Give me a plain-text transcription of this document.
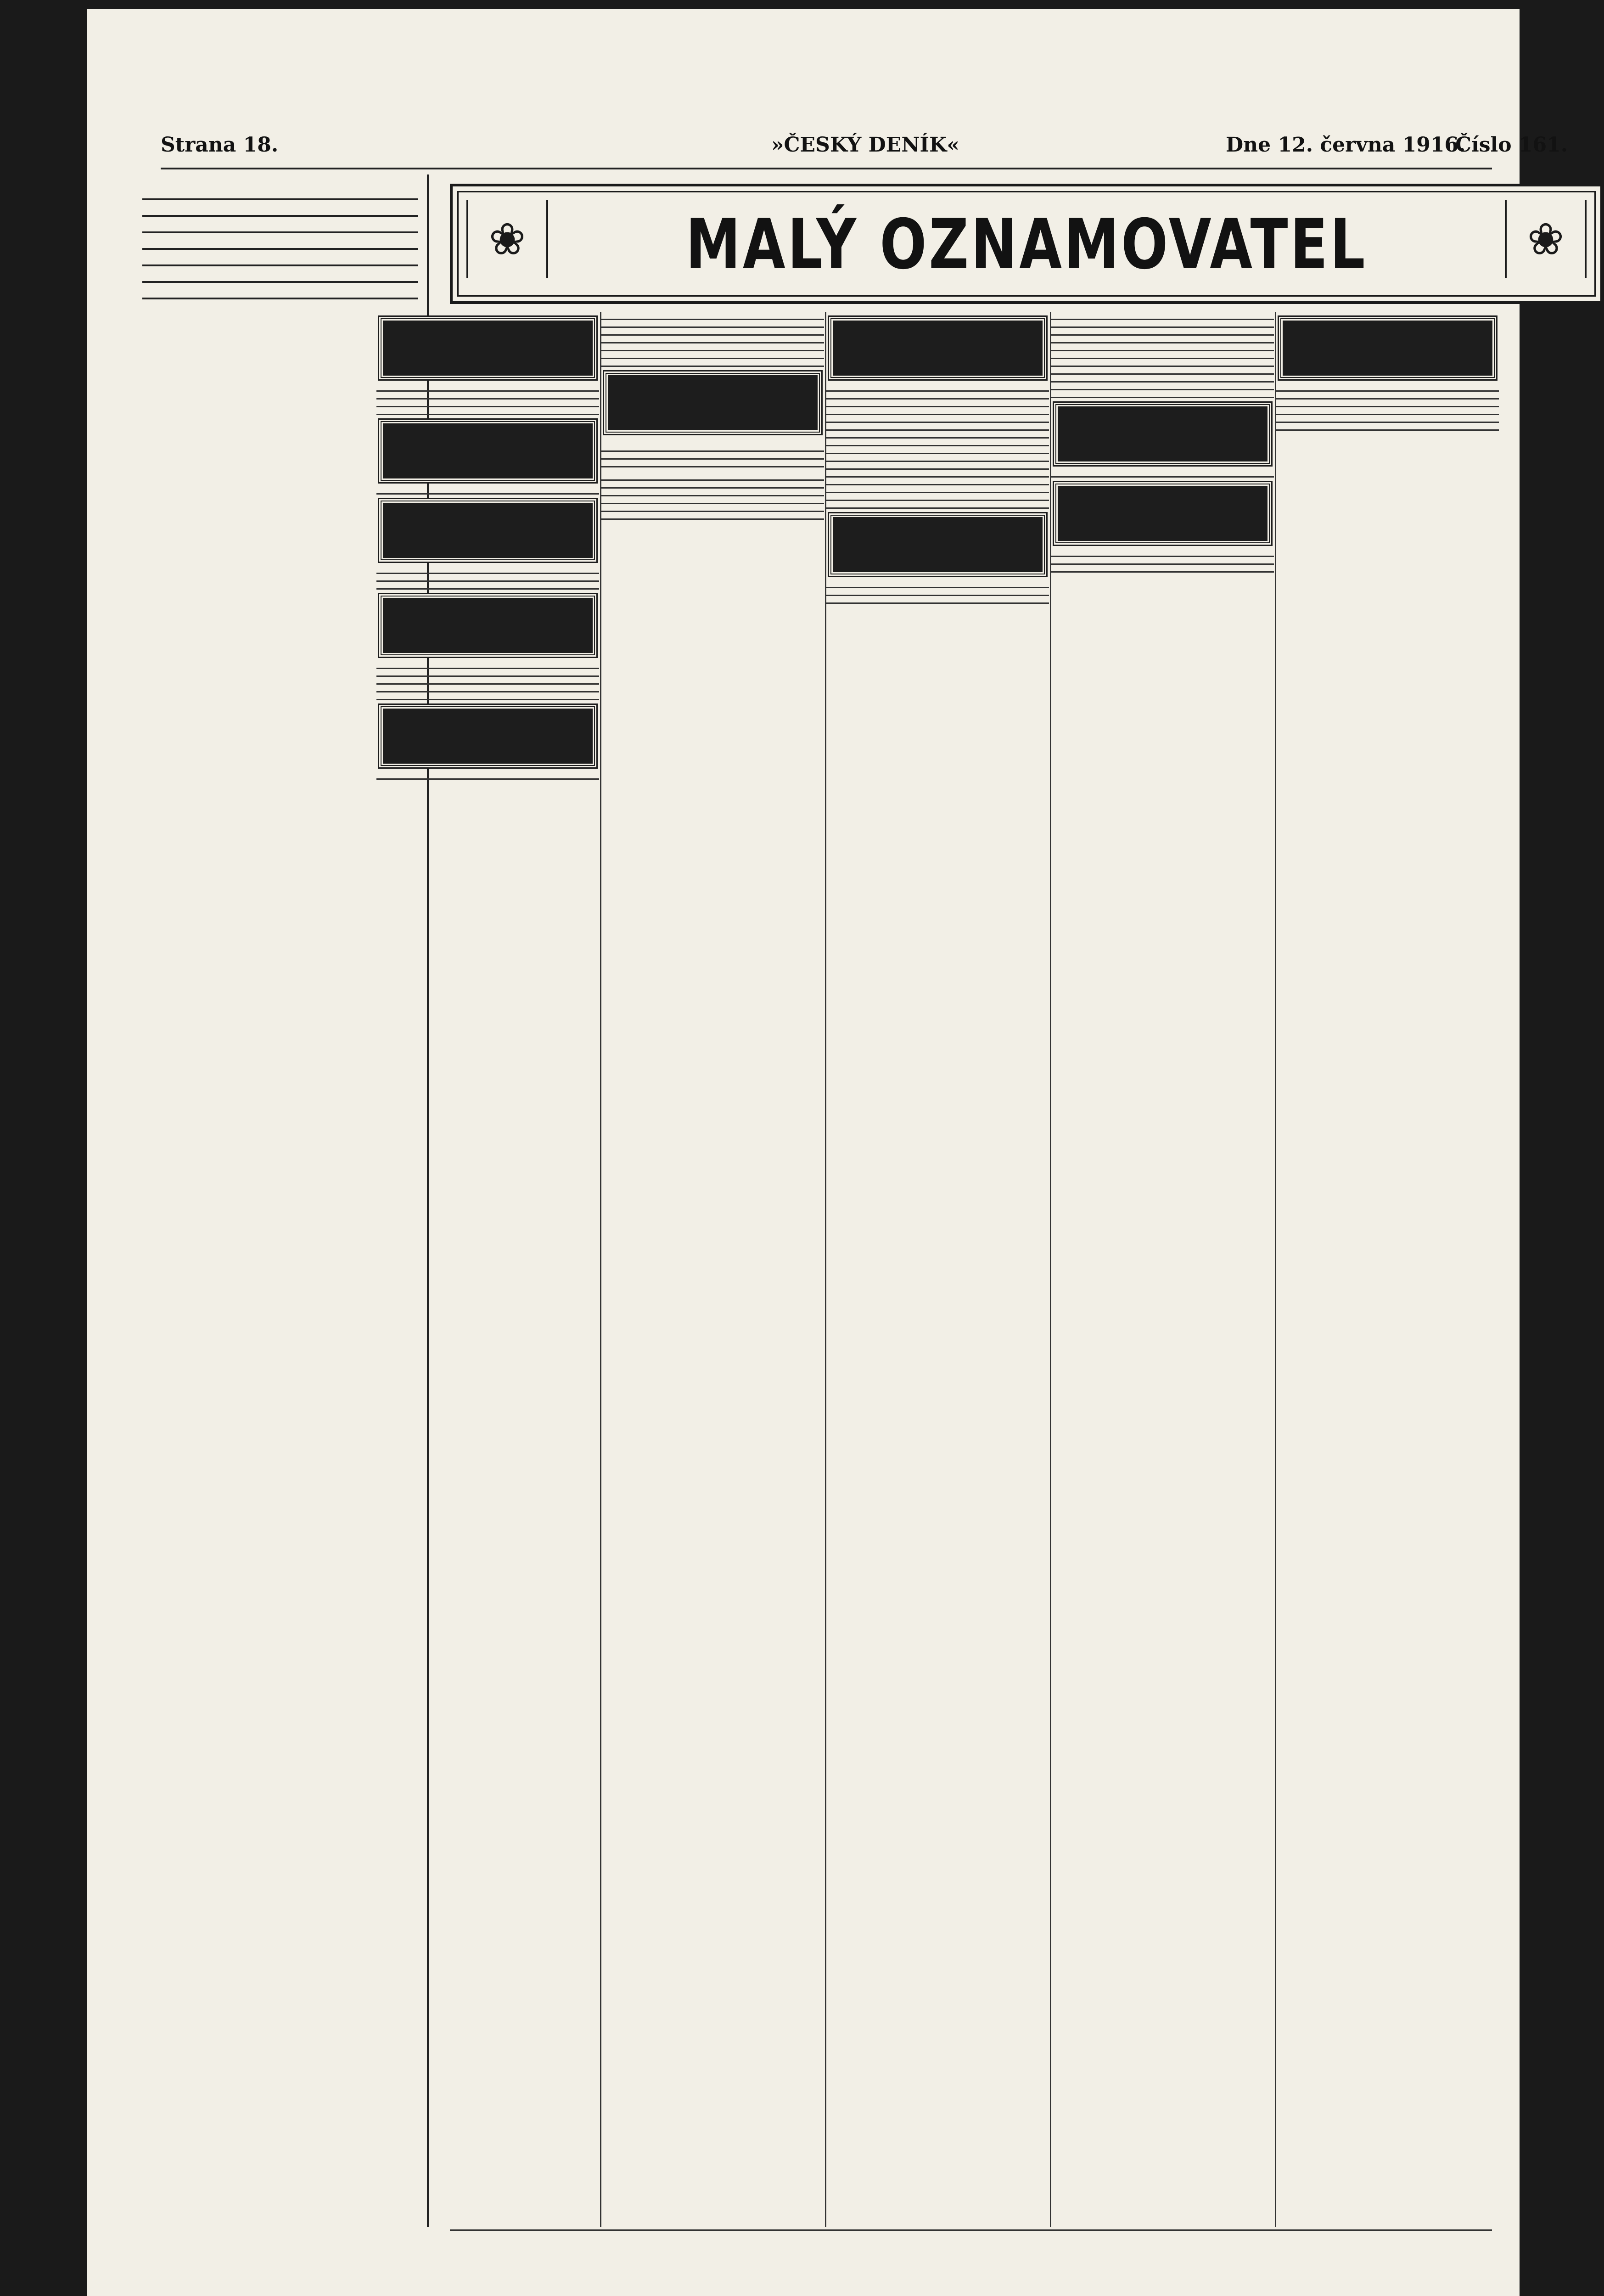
Strana 18.	»ČESKÝ DENÍK«	Dne 12. června 1916.
Číslo 161.
❀	MALÝ OZNAMOVATEL	❀
